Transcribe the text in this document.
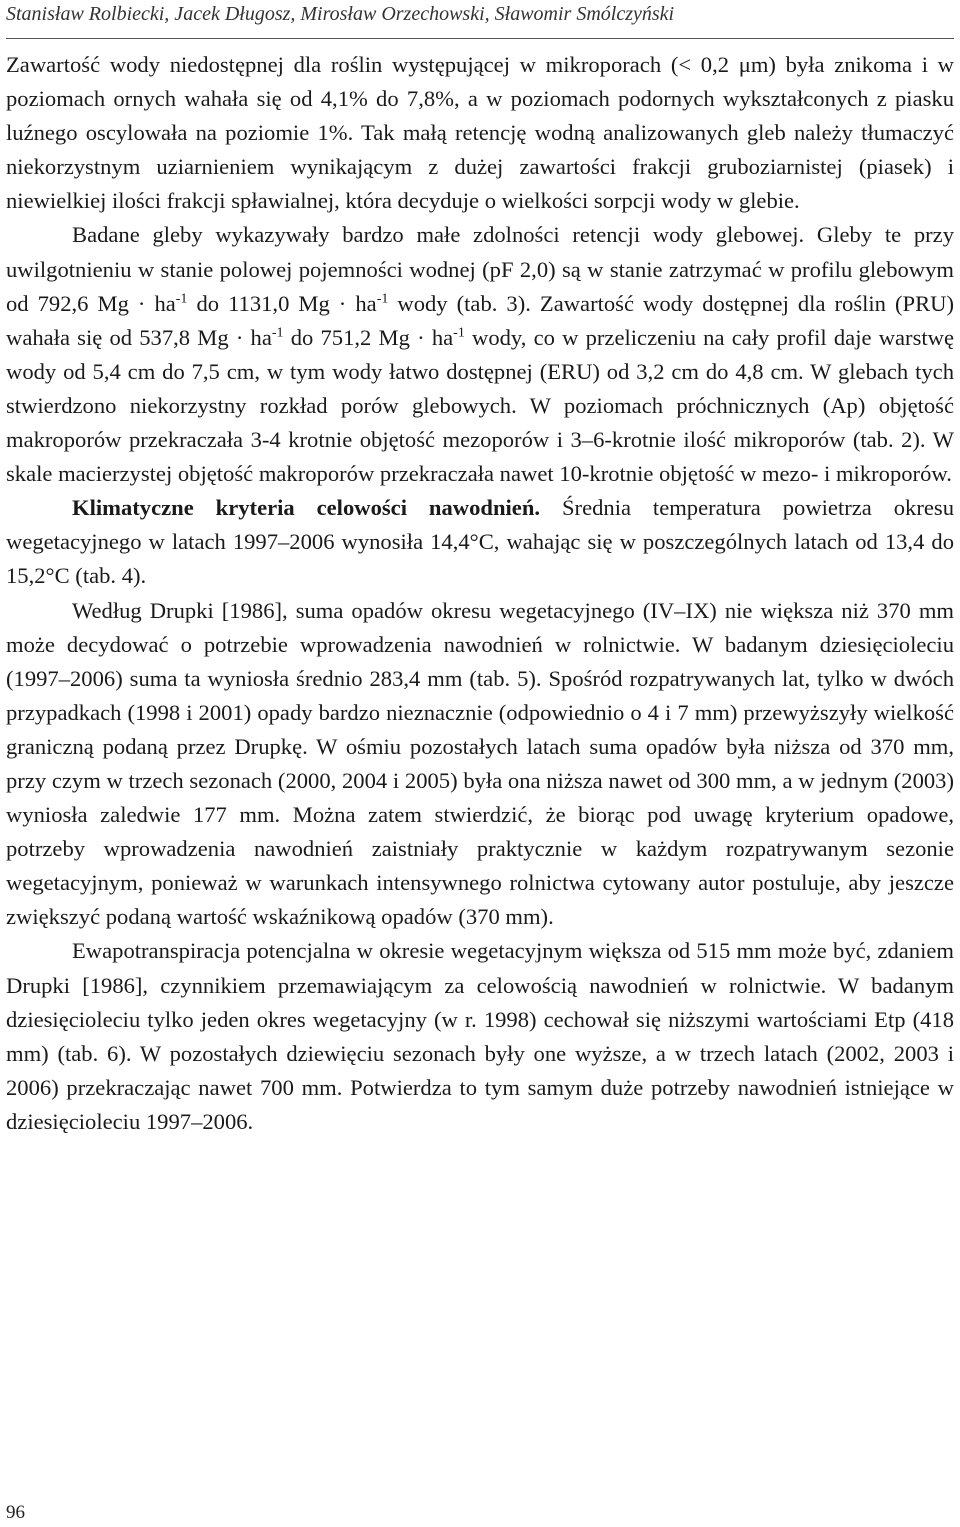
Stanisław Rolbiecki, Jacek Długosz, Mirosław Orzechowski, Sławomir Smólczyński

Zawartość wody niedostępnej dla roślin występującej w mikroporach (< 0,2 μm) była znikoma i w poziomach ornych wahała się od 4,1% do 7,8%, a w poziomach podornych wykształconych z piasku luźnego oscylowała na poziomie 1%. Tak małą retencję wodną analizowanych gleb należy tłumaczyć niekorzystnym uziarnieniem wynikającym z dużej zawartości frakcji gruboziarnistej (piasek) i niewielkiej ilości frakcji spławialnej, która decyduje o wielkości sorpcji wody w glebie.

Badane gleby wykazywały bardzo małe zdolności retencji wody glebowej. Gleby te przy uwilgotnieniu w stanie polowej pojemności wodnej (pF 2,0) są w stanie zatrzymać w profilu glebowym od 792,6 $Mg \cdot ha^{-1}$ do 1131,0 $Mg \cdot ha^{-1}$ wody (tab. 3). Zawartość wody dostępnej dla roślin (PRU) wahała się od 537,8 $Mg \cdot ha^{-1}$ do 751,2 $Mg \cdot ha^{-1}$ wody, co w przeliczeniu na cały profil daje warstwę wody od 5,4 cm do 7,5 cm, w tym wody łatwo dostępnej (ERU) od 3,2 cm do 4,8 cm. W glebach tych stwierdzono niekorzystny rozkład porów glebowych. W poziomach próchnicznych (Ap) objętość makroporów przekraczała 3-4 krotnie objętość mezoporów i 3–6-krotnie ilość mikroporów (tab. 2). W skale macierzystej objętość makroporów przekraczała nawet 10-krotnie objętość w mezo- i mikroporów.

Klimatyczne kryteria celowości nawodnień. Średnia temperatura powietrza okresu wegetacyjnego w latach 1997–2006 wynosiła 14,4°C, wahając się w poszczególnych latach od 13,4 do 15,2°C (tab. 4).

Według Drupki [1986], suma opadów okresu wegetacyjnego (IV–IX) nie większa niż 370 mm może decydować o potrzebie wprowadzenia nawodnień w rolnictwie. W badanym dziesięcioleciu (1997–2006) suma ta wyniosła średnio 283,4 mm (tab. 5). Spośród rozpatrywanych lat, tylko w dwóch przypadkach (1998 i 2001) opady bardzo nieznacznie (odpowiednio o 4 i 7 mm) przewyższyły wielkość graniczną podaną przez Drupkę. W ośmiu pozostałych latach suma opadów była niższa od 370 mm, przy czym w trzech sezonach (2000, 2004 i 2005) była ona niższa nawet od 300 mm, a w jednym (2003) wyniosła zaledwie 177 mm. Można zatem stwierdzić, że biorąc pod uwagę kryterium opadowe, potrzeby wprowadzenia nawodnień zaistniały praktycznie w każdym rozpatrywanym sezonie wegetacyjnym, ponieważ w warunkach intensywnego rolnictwa cytowany autor postuluje, aby jeszcze zwiększyć podaną wartość wskaźnikową opadów (370 mm).

Ewapotranspiracja potencjalna w okresie wegetacyjnym większa od 515 mm może być, zdaniem Drupki [1986], czynnikiem przemawiającym za celowością nawodnień w rolnictwie. W badanym dziesięcioleciu tylko jeden okres wegetacyjny (w r. 1998) cechował się niższymi wartościami Etp (418 mm) (tab. 6). W pozostałych dziewięciu sezonach były one wyższe, a w trzech latach (2002, 2003 i 2006) przekraczając nawet 700 mm. Potwierdza to tym samym duże potrzeby nawodnień istniejące w dziesięcioleciu 1997–2006.

96
